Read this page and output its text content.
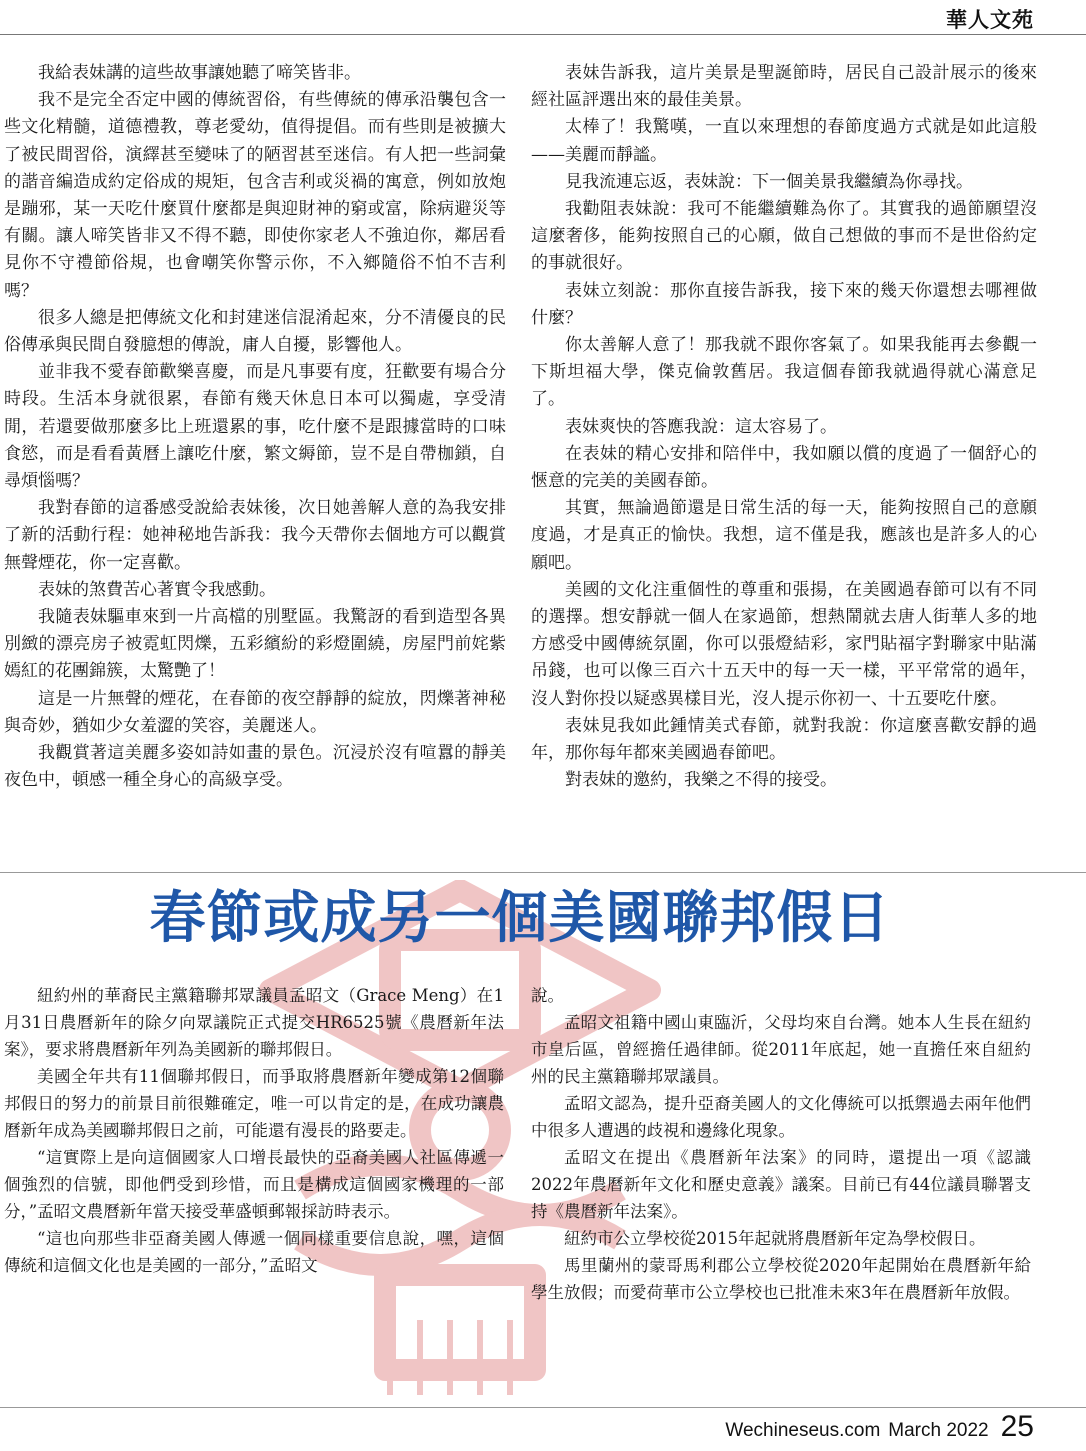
華人文苑

我給表妹講的這些故事讓她聽了啼笑皆非。

我不是完全否定中國的傳統習俗，有些傳統的傳承沿襲包含一些文化精髓，道德禮教，尊老愛幼，值得提倡。而有些則是被擴大了被民間習俗，演繹甚至變味了的陋習甚至迷信。有人把一些詞彙的諧音編造成約定俗成的規矩，包含吉利或災禍的寓意，例如放炮是蹦邪，某一天吃什麼買什麼都是與迎財神的窮或富，除病避災等有關。讓人啼笑皆非又不得不聽，即使你家老人不強迫你，鄰居看見你不守禮節俗規，也會嘲笑你警示你，不入鄉隨俗不怕不吉利嗎？

很多人總是把傳統文化和封建迷信混淆起來，分不清優良的民俗傳承與民間自發臆想的傳說，庸人自擾，影響他人。

並非我不愛春節歡樂喜慶，而是凡事要有度，狂歡要有場合分時段。生活本身就很累，春節有幾天休息日本可以獨處，享受清閒，若還要做那麼多比上班還累的事，吃什麼不是跟據當時的口味食慾，而是看看黃曆上讓吃什麼，繁文縟節，豈不是自帶枷鎖，自尋煩惱嗎？

我對春節的這番感受說給表妹後，次日她善解人意的為我安排了新的活動行程：她神秘地告訴我：我今天帶你去個地方可以觀賞無聲煙花，你一定喜歡。

表妹的煞費苦心著實令我感動。

我隨表妹驅車來到一片高檔的別墅區。我驚訝的看到造型各異別緻的漂亮房子被霓虹閃爍，五彩繽紛的彩燈圍繞，房屋門前姹紫嫣紅的花團錦簇，太驚艷了！

這是一片無聲的煙花，在春節的夜空靜靜的綻放，閃爍著神秘與奇妙，猶如少女羞澀的笑容，美麗迷人。

我觀賞著這美麗多姿如詩如畫的景色。沉浸於沒有喧囂的靜美夜色中，頓感一種全身心的高級享受。

表妹告訴我，這片美景是聖誕節時，居民自己設計展示的後來經社區評選出來的最佳美景。

太棒了！我驚嘆，一直以來理想的春節度過方式就是如此這般——美麗而靜謐。

見我流連忘返，表妹說：下一個美景我繼續為你尋找。

我勸阻表妹說：我可不能繼續難為你了。其實我的過節願望沒這麼奢侈，能夠按照自己的心願，做自己想做的事而不是世俗約定的事就很好。

表妹立刻說：那你直接告訴我，接下來的幾天你還想去哪裡做什麼？

你太善解人意了！那我就不跟你客氣了。如果我能再去參觀一下斯坦福大學，傑克倫敦舊居。我這個春節我就過得就心滿意足了。

表妹爽快的答應我說：這太容易了。

在表妹的精心安排和陪伴中，我如願以償的度過了一個舒心的愜意的完美的美國春節。

其實，無論過節還是日常生活的每一天，能夠按照自己的意願度過，才是真正的愉快。我想，這不僅是我，應該也是許多人的心願吧。

美國的文化注重個性的尊重和張揚，在美國過春節可以有不同的選擇。想安靜就一個人在家過節，想熱鬧就去唐人街華人多的地方感受中國傳統氛圍，你可以張燈結彩，家門貼福字對聯家中貼滿吊錢，也可以像三百六十五天中的每一天一樣，平平常常的過年，沒人對你投以疑惑異樣目光，沒人提示你初一、十五要吃什麼。

表妹見我如此鍾情美式春節，就對我說：你這麼喜歡安靜的過年，那你每年都來美國過春節吧。

對表妹的邀約，我樂之不得的接受。

春節或成另一個美國聯邦假日

紐約州的華裔民主黨籍聯邦眾議員孟昭文（Grace Meng）在1月31日農曆新年的除夕向眾議院正式提交HR6525號《農曆新年法案》，要求將農曆新年列為美國新的聯邦假日。

美國全年共有11個聯邦假日，而爭取將農曆新年變成第12個聯邦假日的努力的前景目前很難確定，唯一可以肯定的是，在成功讓農曆新年成為美國聯邦假日之前，可能還有漫長的路要走。

“這實際上是向這個國家人口增長最快的亞裔美國人社區傳遞一個強烈的信號，即他們受到珍惜，而且是構成這個國家機理的一部分，”孟昭文農曆新年當天接受華盛頓郵報採訪時表示。

“這也向那些非亞裔美國人傳遞一個同樣重要信息說，嘿，這個傳統和這個文化也是美國的一部分，”孟昭文

說。

孟昭文祖籍中國山東臨沂，父母均來自台灣。她本人生長在紐約市皇后區，曾經擔任過律師。從2011年底起，她一直擔任來自紐約州的民主黨籍聯邦眾議員。

孟昭文認為，提升亞裔美國人的文化傳統可以抵禦過去兩年他們中很多人遭遇的歧視和邊緣化現象。

孟昭文在提出《農曆新年法案》的同時，還提出一項《認識2022年農曆新年文化和歷史意義》議案。目前已有44位議員聯署支持《農曆新年法案》。

紐約市公立學校從2015年起就將農曆新年定為學校假日。

馬里蘭州的蒙哥馬利郡公立學校從2020年起開始在農曆新年給學生放假；而愛荷華市公立學校也已批准未來3年在農曆新年放假。

Wechineseus.com March 2022 25
